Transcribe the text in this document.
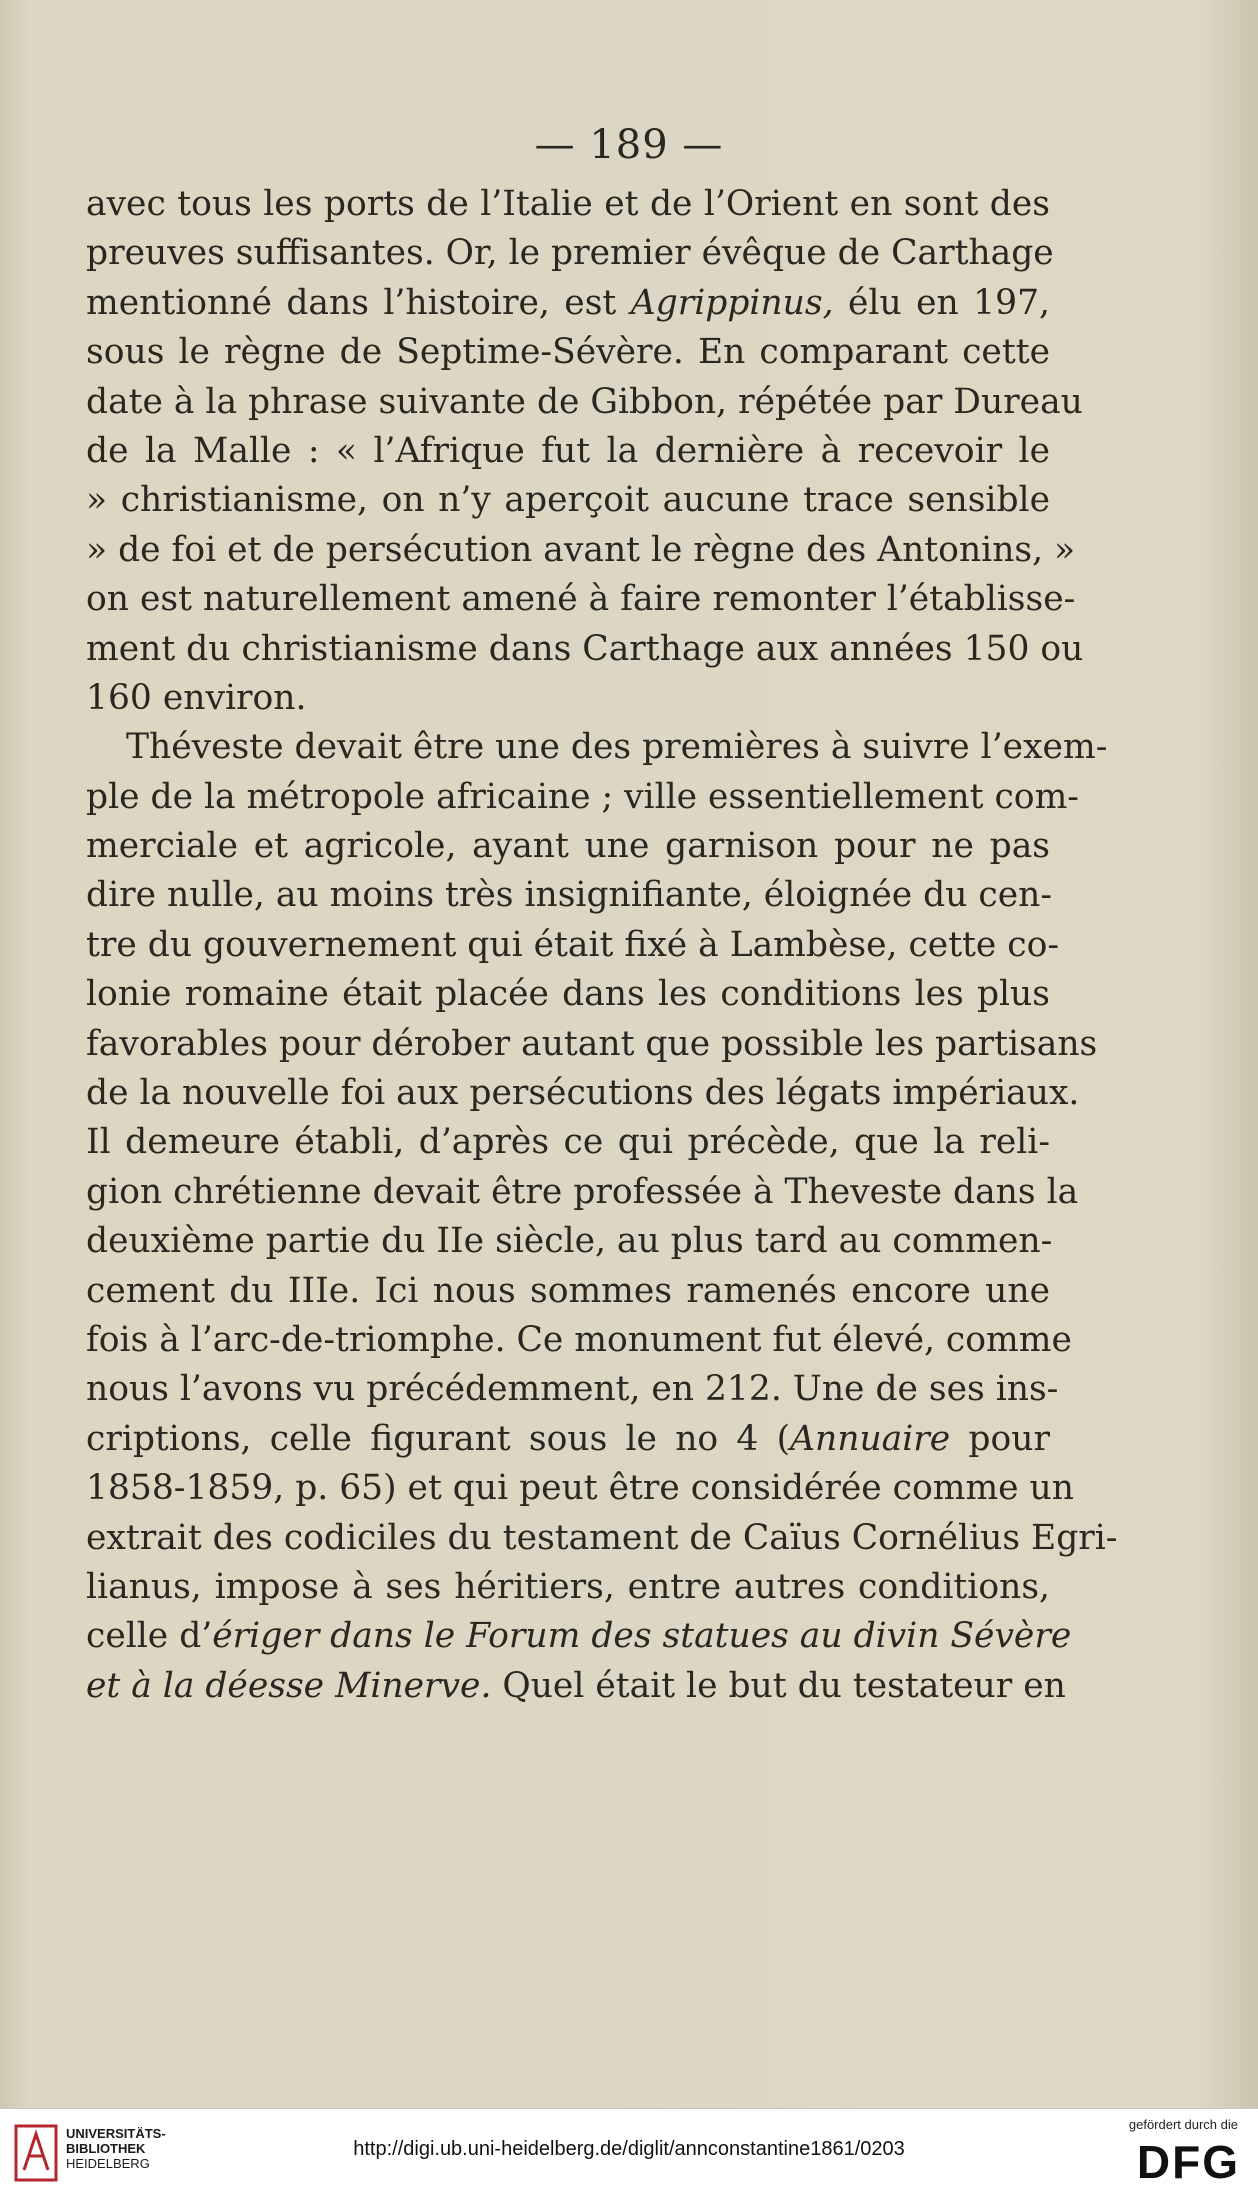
— 189 —
avec tous les ports de l’Italie et de l’Orient en sont des
preuves suffisantes. Or, le premier évêque de Carthage
mentionné dans l’histoire, est Agrippinus, élu en 197,
sous le règne de Septime-Sévère. En comparant cette
date à la phrase suivante de Gibbon, répétée par Dureau
de la Malle : « l’Afrique fut la dernière à recevoir le
» christianisme, on n’y aperçoit aucune trace sensible
» de foi et de persécution avant le règne des Antonins, »
on est naturellement amené à faire remonter l’établisse-
ment du christianisme dans Carthage aux années 150 ou
160 environ.
Théveste devait être une des premières à suivre l’exem-
ple de la métropole africaine ; ville essentiellement com-
merciale et agricole, ayant une garnison pour ne pas
dire nulle, au moins très insignifiante, éloignée du cen-
tre du gouvernement qui était fixé à Lambèse, cette co-
lonie romaine était placée dans les conditions les plus
favorables pour dérober autant que possible les partisans
de la nouvelle foi aux persécutions des légats impériaux.
Il demeure établi, d’après ce qui précède, que la reli-
gion chrétienne devait être professée à Theveste dans la
deuxième partie du IIe siècle, au plus tard au commen-
cement du IIIe. Ici nous sommes ramenés encore une
fois à l’arc-de-triomphe. Ce monument fut élevé, comme
nous l’avons vu précédemment, en 212. Une de ses ins-
criptions, celle figurant sous le no 4 (Annuaire pour
1858-1859, p. 65) et qui peut être considérée comme un
extrait des codiciles du testament de Caïus Cornélius Egri-
lianus, impose à ses héritiers, entre autres conditions,
celle d’ériger dans le Forum des statues au divin Sévère
et à la déesse Minerve. Quel était le but du testateur en
UNIVERSITÄTS-
BIBLIOTHEK
HEIDELBERG
http://digi.ub.uni-heidelberg.de/diglit/annconstantine1861/0203
gefördert durch die
DFG
